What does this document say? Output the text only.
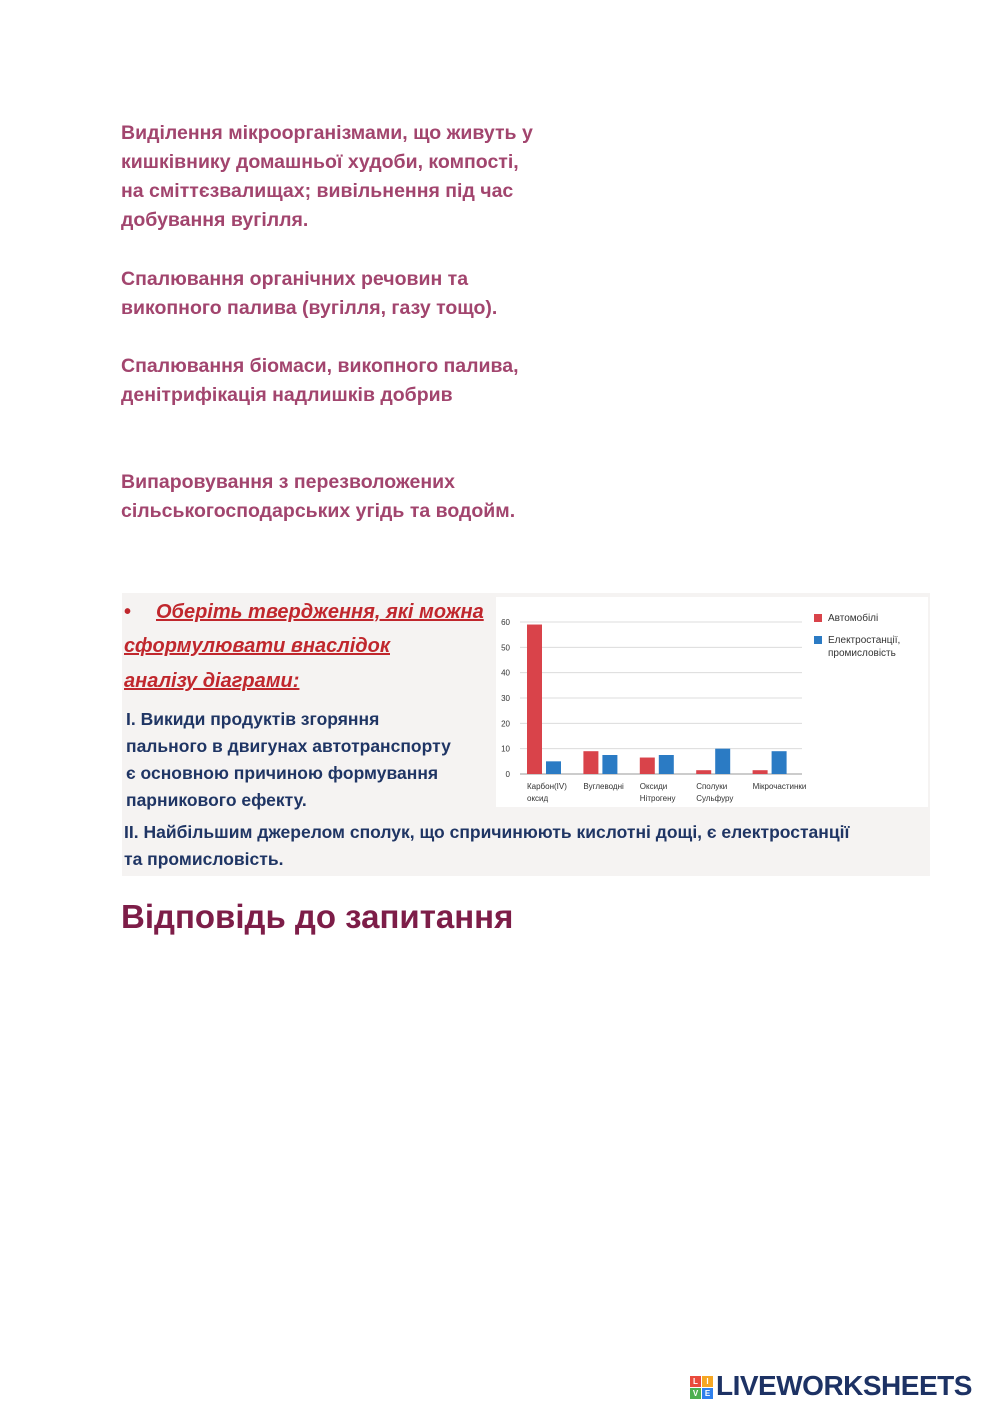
Виділення мікроорганізмами, що живуть у
кишківнику домашньої худоби, компості,
на сміттєзвалищах; вивільнення під час
добування вугілля.
Спалювання органічних речовин та
викопного палива (вугілля, газу тощо).
Спалювання біомаси, викопного палива,
денітрифікація надлишків добрив
Випаровування з перезволожених
сільськогосподарських угідь та водойм.
• Оберіть твердження, які можна
сформулювати внаслідок
аналізу діаграми:
I. Викиди продуктів згоряння
пального в двигунах автотранспорту
є основною причиною формування
парникового ефекту.
0
10
20
30
40
50
60
Карбон(IV)
оксид
Вуглеводні Оксиди
Нітрогену
Сполуки
Сульфуру
Мікрочастинки
Автомобілі
Електростанції,
промисловість
II. Найбільшим джерелом сполук, що спричинюють кислотні дощі, є електростанції
та промисловість.
Відповідь до запитання
L	I
V E LIVEWORKSHEETS
